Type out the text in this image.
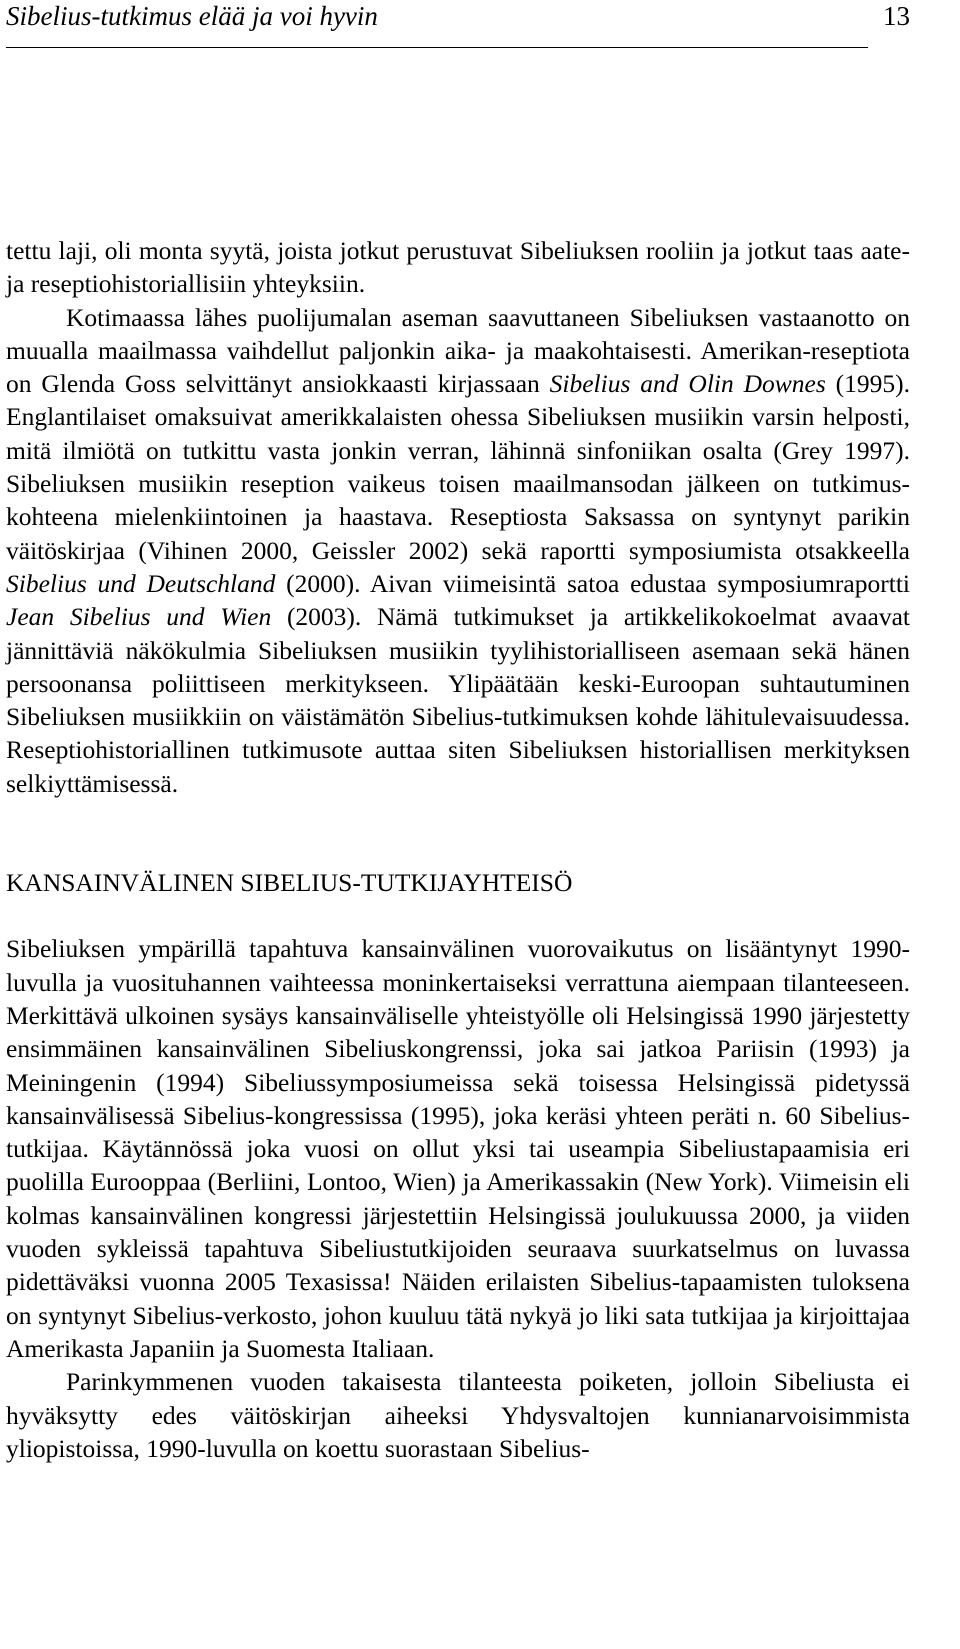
Sibelius-tutkimus elää ja voi hyvin	13

tettu laji, oli monta syytä, joista jotkut perustuvat Sibeliuksen rooliin ja jotkut taas aate- ja reseptiohistoriallisiin yhteyksiin.

Kotimaassa lähes puolijumalan aseman saavuttaneen Sibeliuksen vastaanotto on muualla maailmassa vaihdellut paljonkin aika- ja maakohtaisesti. Amerikan-reseptiota on Glenda Goss selvittänyt ansiokkaasti kirjassaan Sibelius and Olin Downes (1995). Englantilaiset omaksuivat amerikkalaisten ohessa Sibeliuksen musiikin varsin helposti, mitä ilmiötä on tutkittu vasta jonkin verran, lähinnä sinfoniikan osalta (Grey 1997). Sibeliuksen musiikin reseption vaikeus toisen maailmansodan jälkeen on tutkimuskohteena mielenkiintoinen ja haastava. Reseptiosta Saksassa on syntynyt parikin väitöskirjaa (Vihinen 2000, Geissler 2002) sekä raportti symposiumista otsakkeella Sibelius und Deutschland (2000). Aivan viimeisintä satoa edustaa symposiumraportti Jean Sibelius und Wien (2003). Nämä tutkimukset ja artikkelikokoelmat avaavat jännittäviä näkökulmia Sibeliuksen musiikin tyylihistorialliseen asemaan sekä hänen persoonansa poliittiseen merkitykseen. Ylipäätään keski-Euroopan suhtautuminen Sibeliuksen musiikkiin on väistämätön Sibelius-tutkimuksen kohde lähitulevaisuudessa. Reseptiohistoriallinen tutkimusote auttaa siten Sibeliuksen historiallisen merkityksen selkiyttämisessä.

KANSAINVÄLINEN SIBELIUS-TUTKIJAYHTEISÖ

Sibeliuksen ympärillä tapahtuva kansainvälinen vuorovaikutus on lisääntynyt 1990-luvulla ja vuosituhannen vaihteessa moninkertaiseksi verrattuna aiempaan tilanteeseen. Merkittävä ulkoinen sysäys kansainväliselle yhteistyölle oli Helsingissä 1990 järjestetty ensimmäinen kansainvälinen Sibeliuskongrenssi, joka sai jatkoa Pariisin (1993) ja Meiningenin (1994) Sibeliussymposiumeissa sekä toisessa Helsingissä pidetyssä kansainvälisessä Sibelius-kongressissa (1995), joka keräsi yhteen peräti n. 60 Sibeliustutkijaa. Käytännössä joka vuosi on ollut yksi tai useampia Sibeliustapaamisia eri puolilla Eurooppaa (Berliini, Lontoo, Wien) ja Amerikassakin (New York). Viimeisin eli kolmas kansainvälinen kongressi järjestettiin Helsingissä joulukuussa 2000, ja viiden vuoden sykleissä tapahtuva Sibeliustutkijoiden seuraava suurkatselmus on luvassa pidettäväksi vuonna 2005 Texasissa! Näiden erilaisten Sibelius-tapaamisten tuloksena on syntynyt Sibelius-verkosto, johon kuuluu tätä nykyä jo liki sata tutkijaa ja kirjoittajaa Amerikasta Japaniin ja Suomesta Italiaan.

Parinkymmenen vuoden takaisesta tilanteesta poiketen, jolloin Sibeliusta ei hyväksytty edes väitöskirjan aiheeksi Yhdysvaltojen kunnianarvoisimmista yliopistoissa, 1990-luvulla on koettu suorastaan Sibelius-
